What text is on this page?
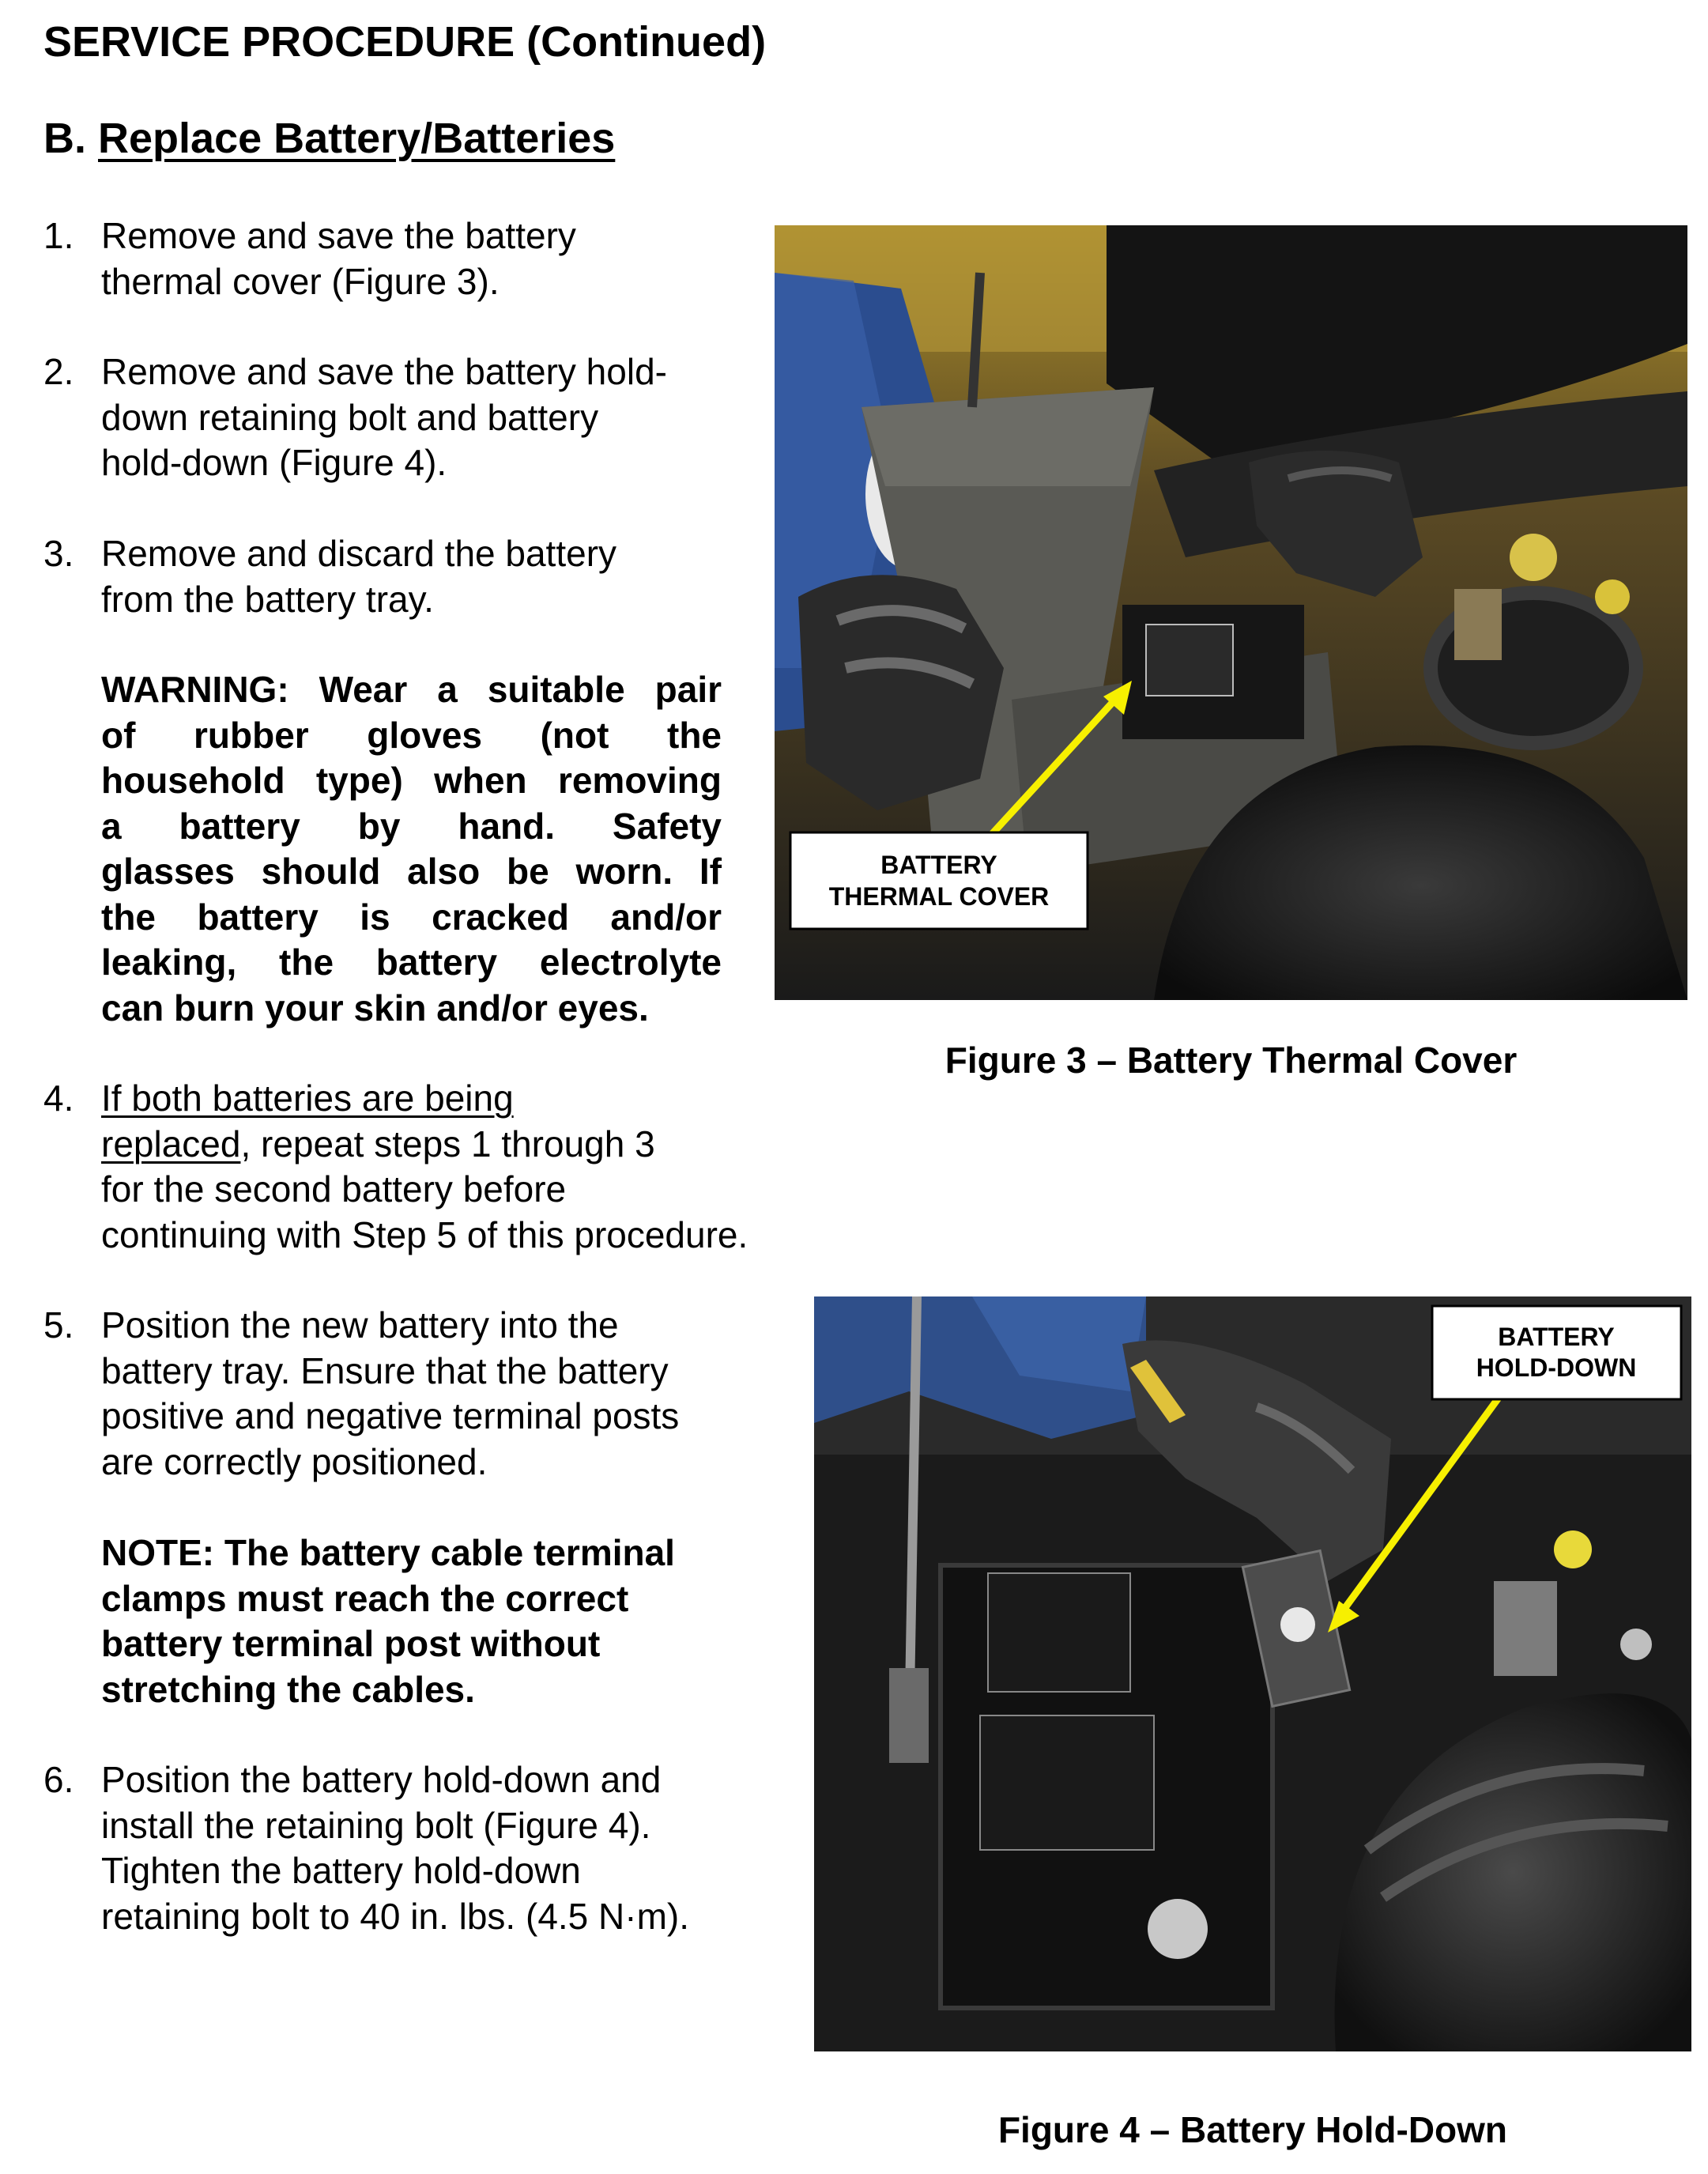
SERVICE PROCEDURE (Continued)
B. Replace Battery/Batteries
1. Remove and save the battery
thermal cover (Figure 3).
2. Remove and save the battery hold-
down retaining bolt and battery
hold-down (Figure 4).
3. Remove and discard the battery
from the battery tray.
WARNING: Wear a suitable pair
of rubber gloves (not the
household type) when removing
a battery by hand. Safety
glasses should also be worn. If
the battery is cracked and/or
leaking, the battery electrolyte
can burn your skin and/or eyes.
4. If both batteries are being
replaced, repeat steps 1 through 3
for the second battery before
continuing with Step 5 of this procedure.
5. Position the new battery into the
battery tray. Ensure that the battery
positive and negative terminal posts
are correctly positioned.
NOTE: The battery cable terminal
clamps must reach the correct
battery terminal post without
stretching the cables.
6. Position the battery hold-down and
install the retaining bolt (Figure 4).
Tighten the battery hold-down
retaining bolt to 40 in. lbs. (4.5 N·m).
BATTERY
THERMAL COVER
Figure 3 – Battery Thermal Cover
BATTERY
HOLD-DOWN
Figure 4 – Battery Hold-Down
